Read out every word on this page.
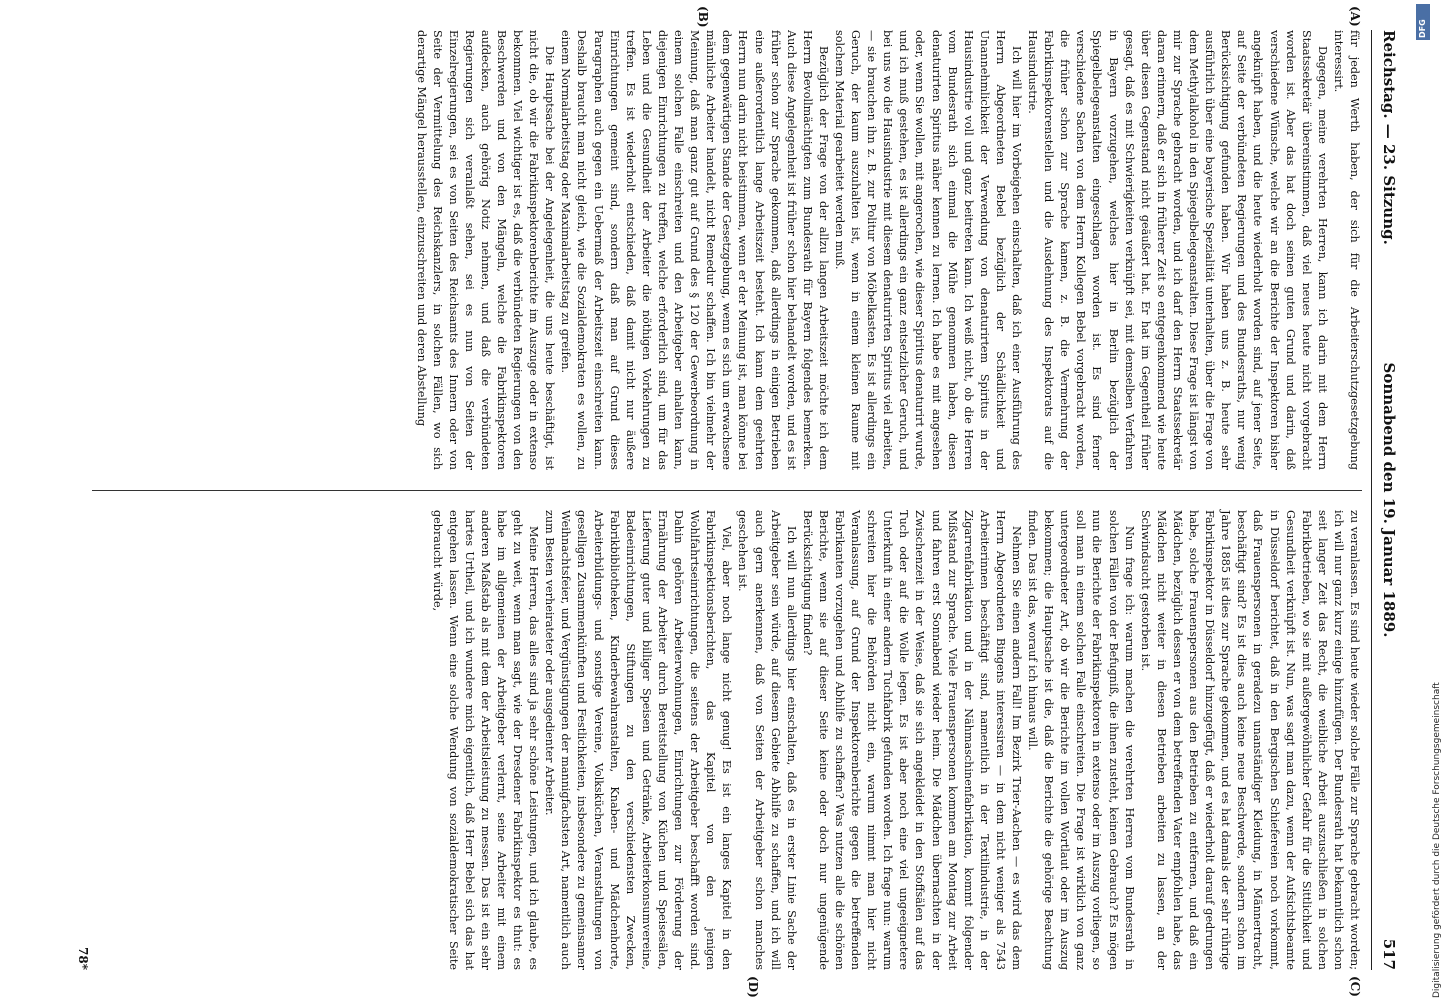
Reichstag. — 23. Sitzung.
Sonnabend den 19. Januar 1889.
517
(A)
(B)
(C)
(D)

für jeden Werth haben, der sich für die Arbeiterschutzgesetzgebung interessirt.

Dagegen, meine verehrten Herren, kann ich darin mit dem Herrn Staatssekretär übereinstimmen, daß viel neues heute nicht vorgebracht worden ist. Aber das hat doch seinen guten Grund und darin, daß verschiedene Wünsche, welche wir an die Berichte der Inspektoren bisher angeknüpft haben, und die heute wiederholt worden sind, auf jener Seite, auf Seite der verbündeten Regierungen und des Bundesraths, nur wenig Berücksichtigung gefunden haben. Wir haben uns z. B. heute sehr ausführlich über eine bayerische Spezialität unterhalten, über die Frage von dem Methylalkohol in den Spiegelbelegeanstalten. Diese Frage ist längst von mir zur Sprache gebracht worden, und ich darf den Herrn Staatssekretär daran erinnern, daß er sich in früherer Zeit so entgegenkommend wie heute über diesen Gegenstand nicht geäußert hat. Er hat im Gegentheil früher gesagt, daß es mit Schwierigkeiten verknüpft sei, mit demselben Verfahren in Bayern vorzugehen, welches hier in Berlin bezüglich der Spiegelbelegeanstalten eingeschlagen worden ist. Es sind ferner verschiedene Sachen von dem Herrn Kollegen Bebel vorgebracht worden, die früher schon zur Sprache kamen, z. B. die Vermehrung der Fabrikinspektorenstellen und die Ausdehnung des Inspektorats auf die Hausindustrie.

Ich will hier im Vorbeigehen einschalten, daß ich einer Ausführung des Herrn Abgeordneten Bebel bezüglich der Schädlichkeit und Unannehmlichkeit der Verwendung von denaturirtem Spiritus in der Hausindustrie voll und ganz beitreten kann. Ich weiß nicht, ob die Herren vom Bundesrath sich einmal die Mühe genommen haben, diesen denaturirten Spiritus näher kennen zu lernen. Ich habe es mit angesehen oder, wenn Sie wollen, mit angerochen, wie dieser Spiritus denaturirt wurde, und ich muß gestehen, es ist allerdings ein ganz entsetzlicher Geruch, und bei uns wo die Hausindustrie mit diesem denaturirten Spiritus viel arbeiten, — sie brauchen ihn z. B. zur Politur von Möbelkasten. Es ist allerdings ein Geruch, der kaum auszuhalten ist, wenn in einem kleinen Raume mit solchem Material gearbeitet werden muß.

Bezüglich der Frage von der allzu langen Arbeitszeit möchte ich dem Herrn Bevollmächtigten zum Bundesrath für Bayern folgendes bemerken. Auch diese Angelegenheit ist früher schon hier behandelt worden, und es ist früher schon zur Sprache gekommen, daß allerdings in einigen Betrieben eine außerordentlich lange Arbeitszeit besteht. Ich kann dem geehrten Herrn nun darin nicht beistimmen, wenn er der Meinung ist, man könne bei dem gegenwärtigen Stande der Gesetzgebung, wenn es sich um erwachsene männliche Arbeiter handelt, nicht Remedur schaffen. Ich bin vielmehr der Meinung, daß man ganz gut auf Grund des § 120 der Gewerbeordnung in einem solchen Falle einschreiten und den Arbeitgeber anhalten kann, diejenigen Einrichtungen zu treffen, welche erforderlich sind, um für das Leben und die Gesundheit der Arbeiter die nöthigen Vorkehrungen zu treffen. Es ist wiederholt entschieden, daß damit nicht nur äußere Einrichtungen gemeint sind, sondern daß man auf Grund dieses Paragraphen auch gegen ein Uebermaß der Arbeitszeit einschreiten kann. Deshalb braucht man nicht gleich, wie die Sozialdemokraten es wollen, zu einem Normalarbeitstag oder Maximalarbeitstag zu greifen.

Die Hauptsache bei der Angelegenheit, die uns heute beschäftigt, ist nicht die, ob wir die Fabrikinspektorenberichte im Auszuge oder in extenso bekommen. Viel wichtiger ist es, daß die verbündeten Regierungen von den Beschwerden und von den Mängeln, welche die Fabrikinspektoren aufdecken, auch gehörig Notiz nehmen, und daß die verbündeten Regierungen sich veranlaßt sehen, sei es nun von Seiten der Einzelregierungen, sei es von Seiten des Reichsamts des Innern oder von Seite der Vermittelung des Reichskanzlers, in solchen Fällen, wo sich derartige Mängel herausstellen, einzuschreiten und deren Abstellung

zu veranlassen. Es sind heute wieder solche Fälle zur Sprache gebracht worden; ich will nur ganz kurz einige hinzufügen. Der Bundesrath hat bekanntlich schon seit langer Zeit das Recht, die weibliche Arbeit auszuschließen in solchen Fabrikbetrieben, wo sie mit außergewöhnlicher Gefahr für die Sittlichkeit und Gesundheit verknüpft ist. Nun, was sagt man dazu, wenn der Aufsichtsbeamte in Düsseldorf berichtet, daß in den Bergischen Schiefereien noch vorkommt, daß Frauenspersonen in geradezu unanständiger Kleidung, in Männertracht, beschäftigt sind? Es ist dies auch keine neue Beschwerde, sondern schon im Jahre 1885 ist dies zur Sprache gekommen, und es hat damals der sehr rührige Fabrikinspektor in Düsseldorf hinzugefügt, daß er wiederholt darauf gedrungen habe, solche Frauenspersonen aus den Betrieben zu entfernen, und daß ein Mädchen, bezüglich dessen er von dem betreffenden Vater empfohlen habe, das Mädchen nicht weiter in diesen Betrieben arbeiten zu lassen, an der Schwindsucht gestorben ist.

Nun frage ich: warum machen die verehrten Herren vom Bundesrath in solchen Fällen von der Befugniß, die ihnen zusteht, keinen Gebrauch? Es mögen nun die Berichte der Fabrikinspektoren in extenso oder im Auszug vorliegen, so soll man in einem solchen Falle einschreiten. Die Frage ist wirklich von ganz untergeordneter Art, ob wir die Berichte im vollen Wortlaut oder im Auszug bekommen; die Hauptsache ist die, daß die Berichte die gehörige Beachtung finden. Das ist das, worauf ich hinaus will.

Nehmen Sie einen andern Fall! Im Bezirk Trier-Aachen — es wird das dem Herrn Abgeordneten Bingens interessiren — in dem nicht weniger als 7543 Arbeiterinnen beschäftigt sind, namentlich in der Textilindustrie, in der Zigarrenfabrikation und in der Nähmaschinenfabrikation, kommt folgender Mißstand zur Sprache. Viele Frauenspersonen kommen am Montag zur Arbeit und fahren erst Sonnabend wieder heim. Die Mädchen übernachten in der Zwischenzeit in der Weise, daß sie sich angekleidet in den Stoffsälen auf das Tuch oder auf die Wolle legen. Es ist aber noch eine viel ungeeignetere Unterkunft in einer andern Tuchfabrik gefunden worden. Ich frage nun: warum schreiten hier die Behörden nicht ein, warum nimmt man hier nicht Veranlassung, auf Grund der Inspektorenberichte gegen die betreffenden Fabrikanten vorzugehen und Abhilfe zu schaffen? Was nutzen alle die schönen Berichte, wenn sie auf dieser Seite keine oder doch nur ungenügende Berücksichtigung finden?

Ich will nun allerdings hier einschalten, daß es in erster Linie Sache der Arbeitgeber sein würde, auf diesem Gebiete Abhilfe zu schaffen, und ich will auch gern anerkennen, daß von Seiten der Arbeitgeber schon manches geschehen ist.

Viel, aber noch lange nicht genug! Es ist ein langes Kapitel in den Fabrikinspektionsberichten, das Kapitel von den jenigen Wohlfahrtseinrichtungen, die seitens der Arbeitgeber beschafft worden sind. Dahin gehören Arbeiterwohnungen, Einrichtungen zur Förderung der Ernährung der Arbeiter durch Bereitstellung von Küchen und Speisesälen, Lieferung guter und billiger Speisen und Getränke, Arbeiterkonsumvereine, Badeeinrichtungen, Stiftungen zu den verschiedensten Zwecken, Fabrikbibliotheken, Kinderbewahranstalten, Knaben- und Mädchenhorte, Arbeiterbildungs- und sonstige Vereine, Volksküchen, Veranstaltungen von geselligen Zusammenkünften und Festlichkeiten, insbesondere zu gemeinsamer Weihnachtsfeier, und Vergünstigungen der mannigfachsten Art, namentlich auch zum Besten verheirateter oder ausgedienter Arbeiter.

Meine Herren, das alles sind ja sehr schöne Leistungen, und ich glaube, es geht zu weit, wenn man sagt, wie der Dresdener Fabrikinspektor es thut: es habe im allgemeinen der Arbeitgeber verlernt, seine Arbeiter mit einem anderen Maßstab als mit dem der Arbeitsleistung zu messen. Das ist ein sehr hartes Urtheil, und ich wundere mich eigentlich, daß Herr Bebel sich das hat entgehen lassen. Wenn eine solche Wendung von sozialdemokratischer Seite gebraucht würde,

78*
DFG
Digitalisierung gefördert durch die Deutsche Forschungsgemeinschaft
